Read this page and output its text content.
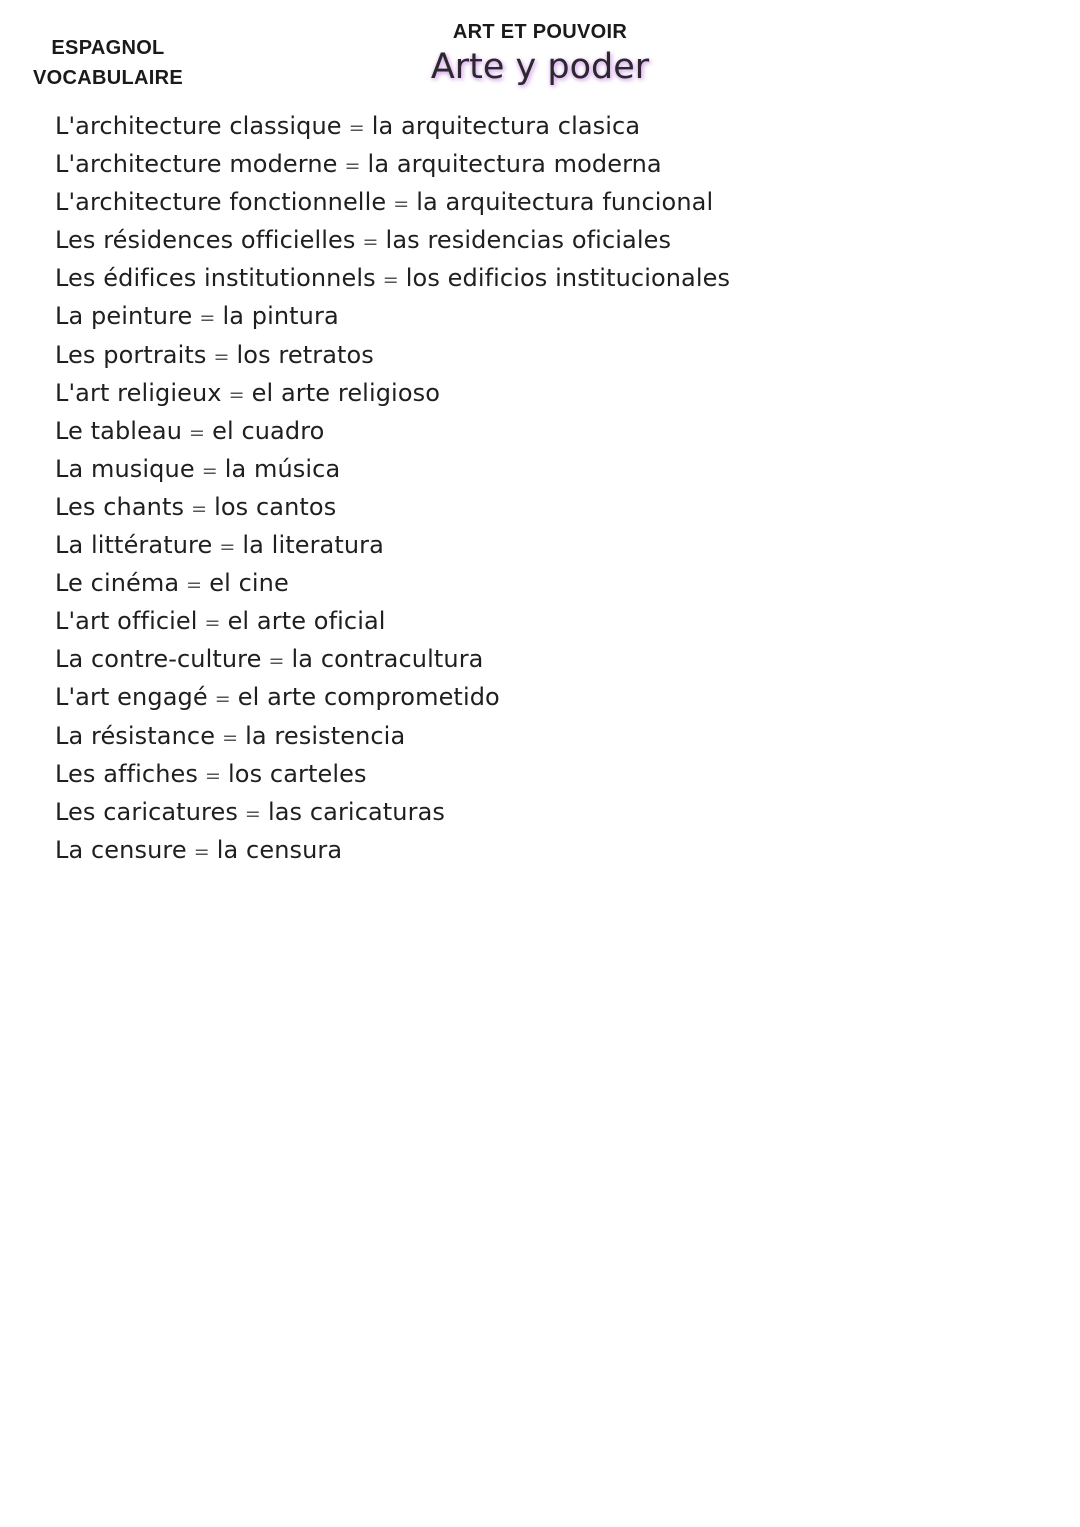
ESPAGNOL
VOCABULAIRE
ART ET POUVOIR
Arte y poder
L'architecture classique = la arquitectura clasica
L'architecture moderne = la arquitectura moderna
L'architecture fonctionnelle = la arquitectura funcional
Les résidences officielles = las residencias oficiales
Les édifices institutionnels = los edificios institucionales
La peinture = la pintura
Les portraits = los retratos
L'art religieux = el arte religioso
Le tableau = el cuadro
La musique = la música
Les chants = los cantos
La littérature = la literatura
Le cinéma = el cine
L'art officiel = el arte oficial
La contre-culture = la contracultura
L'art engagé = el arte comprometido
La résistance = la resistencia
Les affiches = los carteles
Les caricatures = las caricaturas
La censure = la censura
